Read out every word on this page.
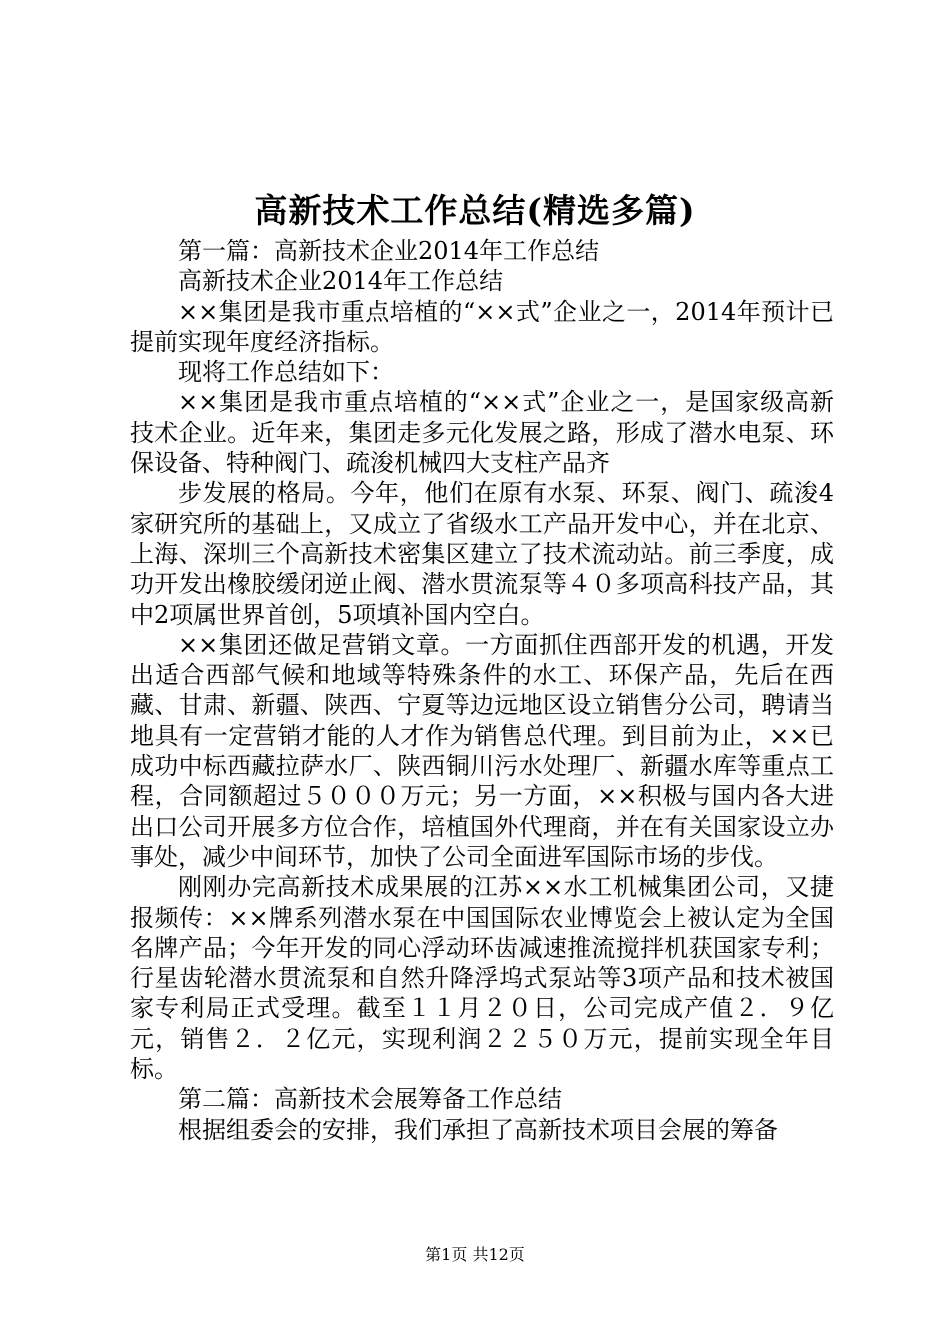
高新技术工作总结(精选多篇)

第一篇：高新技术企业2014年工作总结

高新技术企业2014年工作总结

××集团是我市重点培植的“××式”企业之一，2014年预计已提前实现年度经济指标。

现将工作总结如下：

××集团是我市重点培植的“××式”企业之一，是国家级高新技术企业。近年来，集团走多元化发展之路，形成了潜水电泵、环保设备、特种阀门、疏浚机械四大支柱产品齐

步发展的格局。今年，他们在原有水泵、环泵、阀门、疏浚4家研究所的基础上，又成立了省级水工产品开发中心，并在北京、上海、深圳三个高新技术密集区建立了技术流动站。前三季度，成功开发出橡胶缓闭逆止阀、潜水贯流泵等４０多项高科技产品，其中2项属世界首创，5项填补国内空白。

××集团还做足营销文章。一方面抓住西部开发的机遇，开发出适合西部气候和地域等特殊条件的水工、环保产品，先后在西藏、甘肃、新疆、陕西、宁夏等边远地区设立销售分公司，聘请当地具有一定营销才能的人才作为销售总代理。到目前为止，××已成功中标西藏拉萨水厂、陕西铜川污水处理厂、新疆水库等重点工程，合同额超过５０００万元；另一方面，××积极与国内各大进出口公司开展多方位合作，培植国外代理商，并在有关国家设立办事处，减少中间环节，加快了公司全面进军国际市场的步伐。

刚刚办完高新技术成果展的江苏××水工机械集团公司，又捷报频传：××牌系列潜水泵在中国国际农业博览会上被认定为全国名牌产品；今年开发的同心浮动环齿减速推流搅拌机获国家专利；行星齿轮潜水贯流泵和自然升降浮坞式泵站等3项产品和技术被国家专利局正式受理。截至１１月２０日，公司完成产值２．９亿元，销售２．２亿元，实现利润２２５０万元，提前实现全年目标。

第二篇：高新技术会展筹备工作总结

根据组委会的安排，我们承担了高新技术项目会展的筹备

第1页 共12页
